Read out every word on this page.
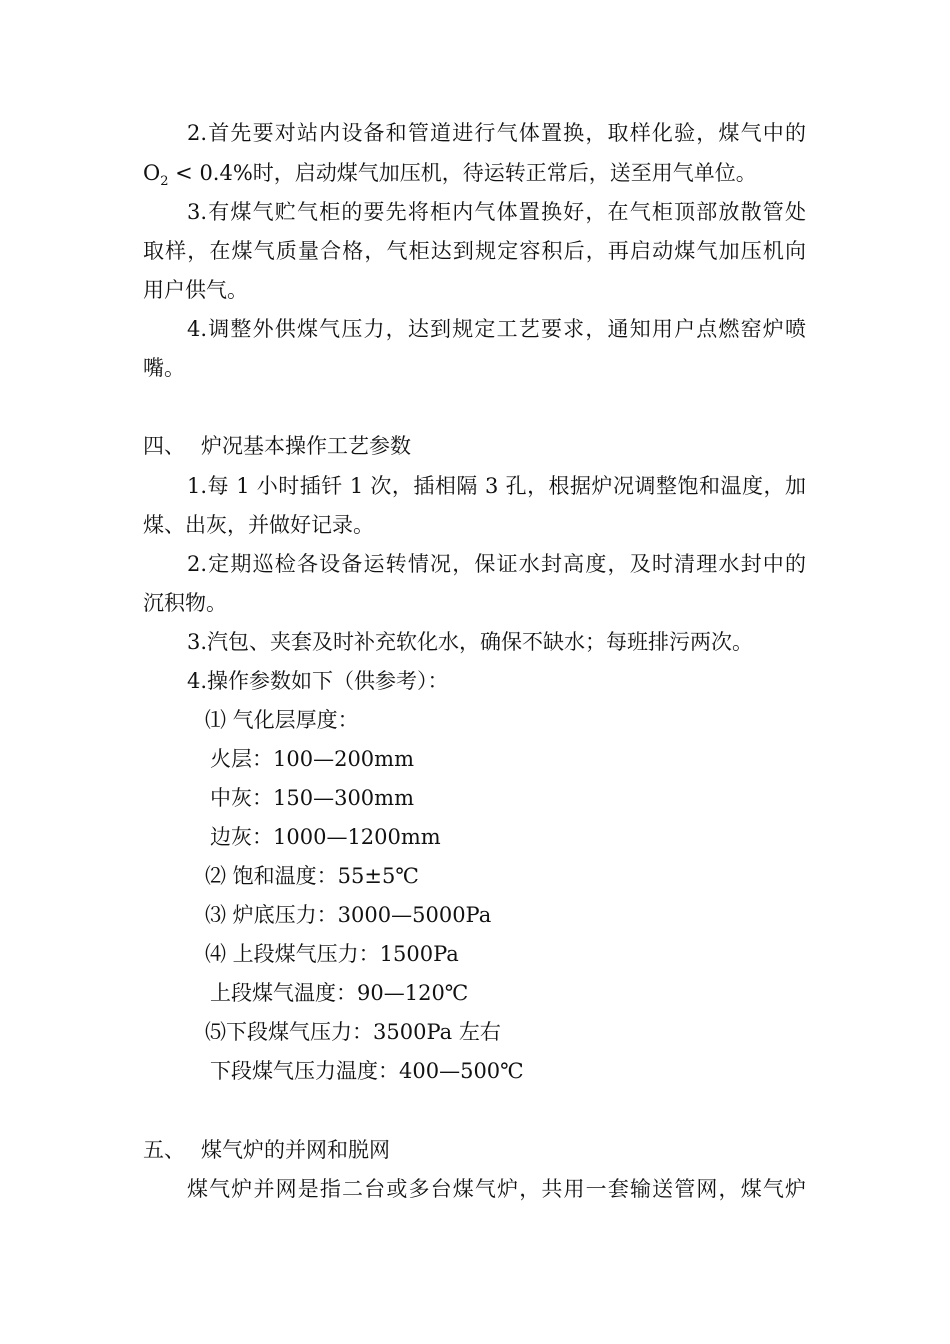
2.首先要对站内设备和管道进行气体置换，取样化验，煤气中的
$O_2 < 0.4\%$时，启动煤气加压机，待运转正常后，送至用气单位。
3.有煤气贮气柜的要先将柜内气体置换好，在气柜顶部放散管处
取样，在煤气质量合格，气柜达到规定容积后，再启动煤气加压机向
用户供气。
4.调整外供煤气压力，达到规定工艺要求，通知用户点燃窑炉喷
嘴。
四、 炉况基本操作工艺参数
1.每 1 小时插钎 1 次，插相隔 3 孔，根据炉况调整饱和温度，加
煤、出灰，并做好记录。
2.定期巡检各设备运转情况，保证水封高度，及时清理水封中的
沉积物。
3.汽包、夹套及时补充软化水，确保不缺水；每班排污两次。
4.操作参数如下（供参考）：
⑴ 气化层厚度：
火层：100—200mm
中灰：150—300mm
边灰：1000—1200mm
⑵ 饱和温度：55±5℃
⑶ 炉底压力：3000—5000Pa
⑷ 上段煤气压力：1500Pa
上段煤气温度：90—120℃
⑸下段煤气压力：3500Pa 左右
下段煤气压力温度：400—500℃
五、 煤气炉的并网和脱网
煤气炉并网是指二台或多台煤气炉，共用一套输送管网，煤气炉
